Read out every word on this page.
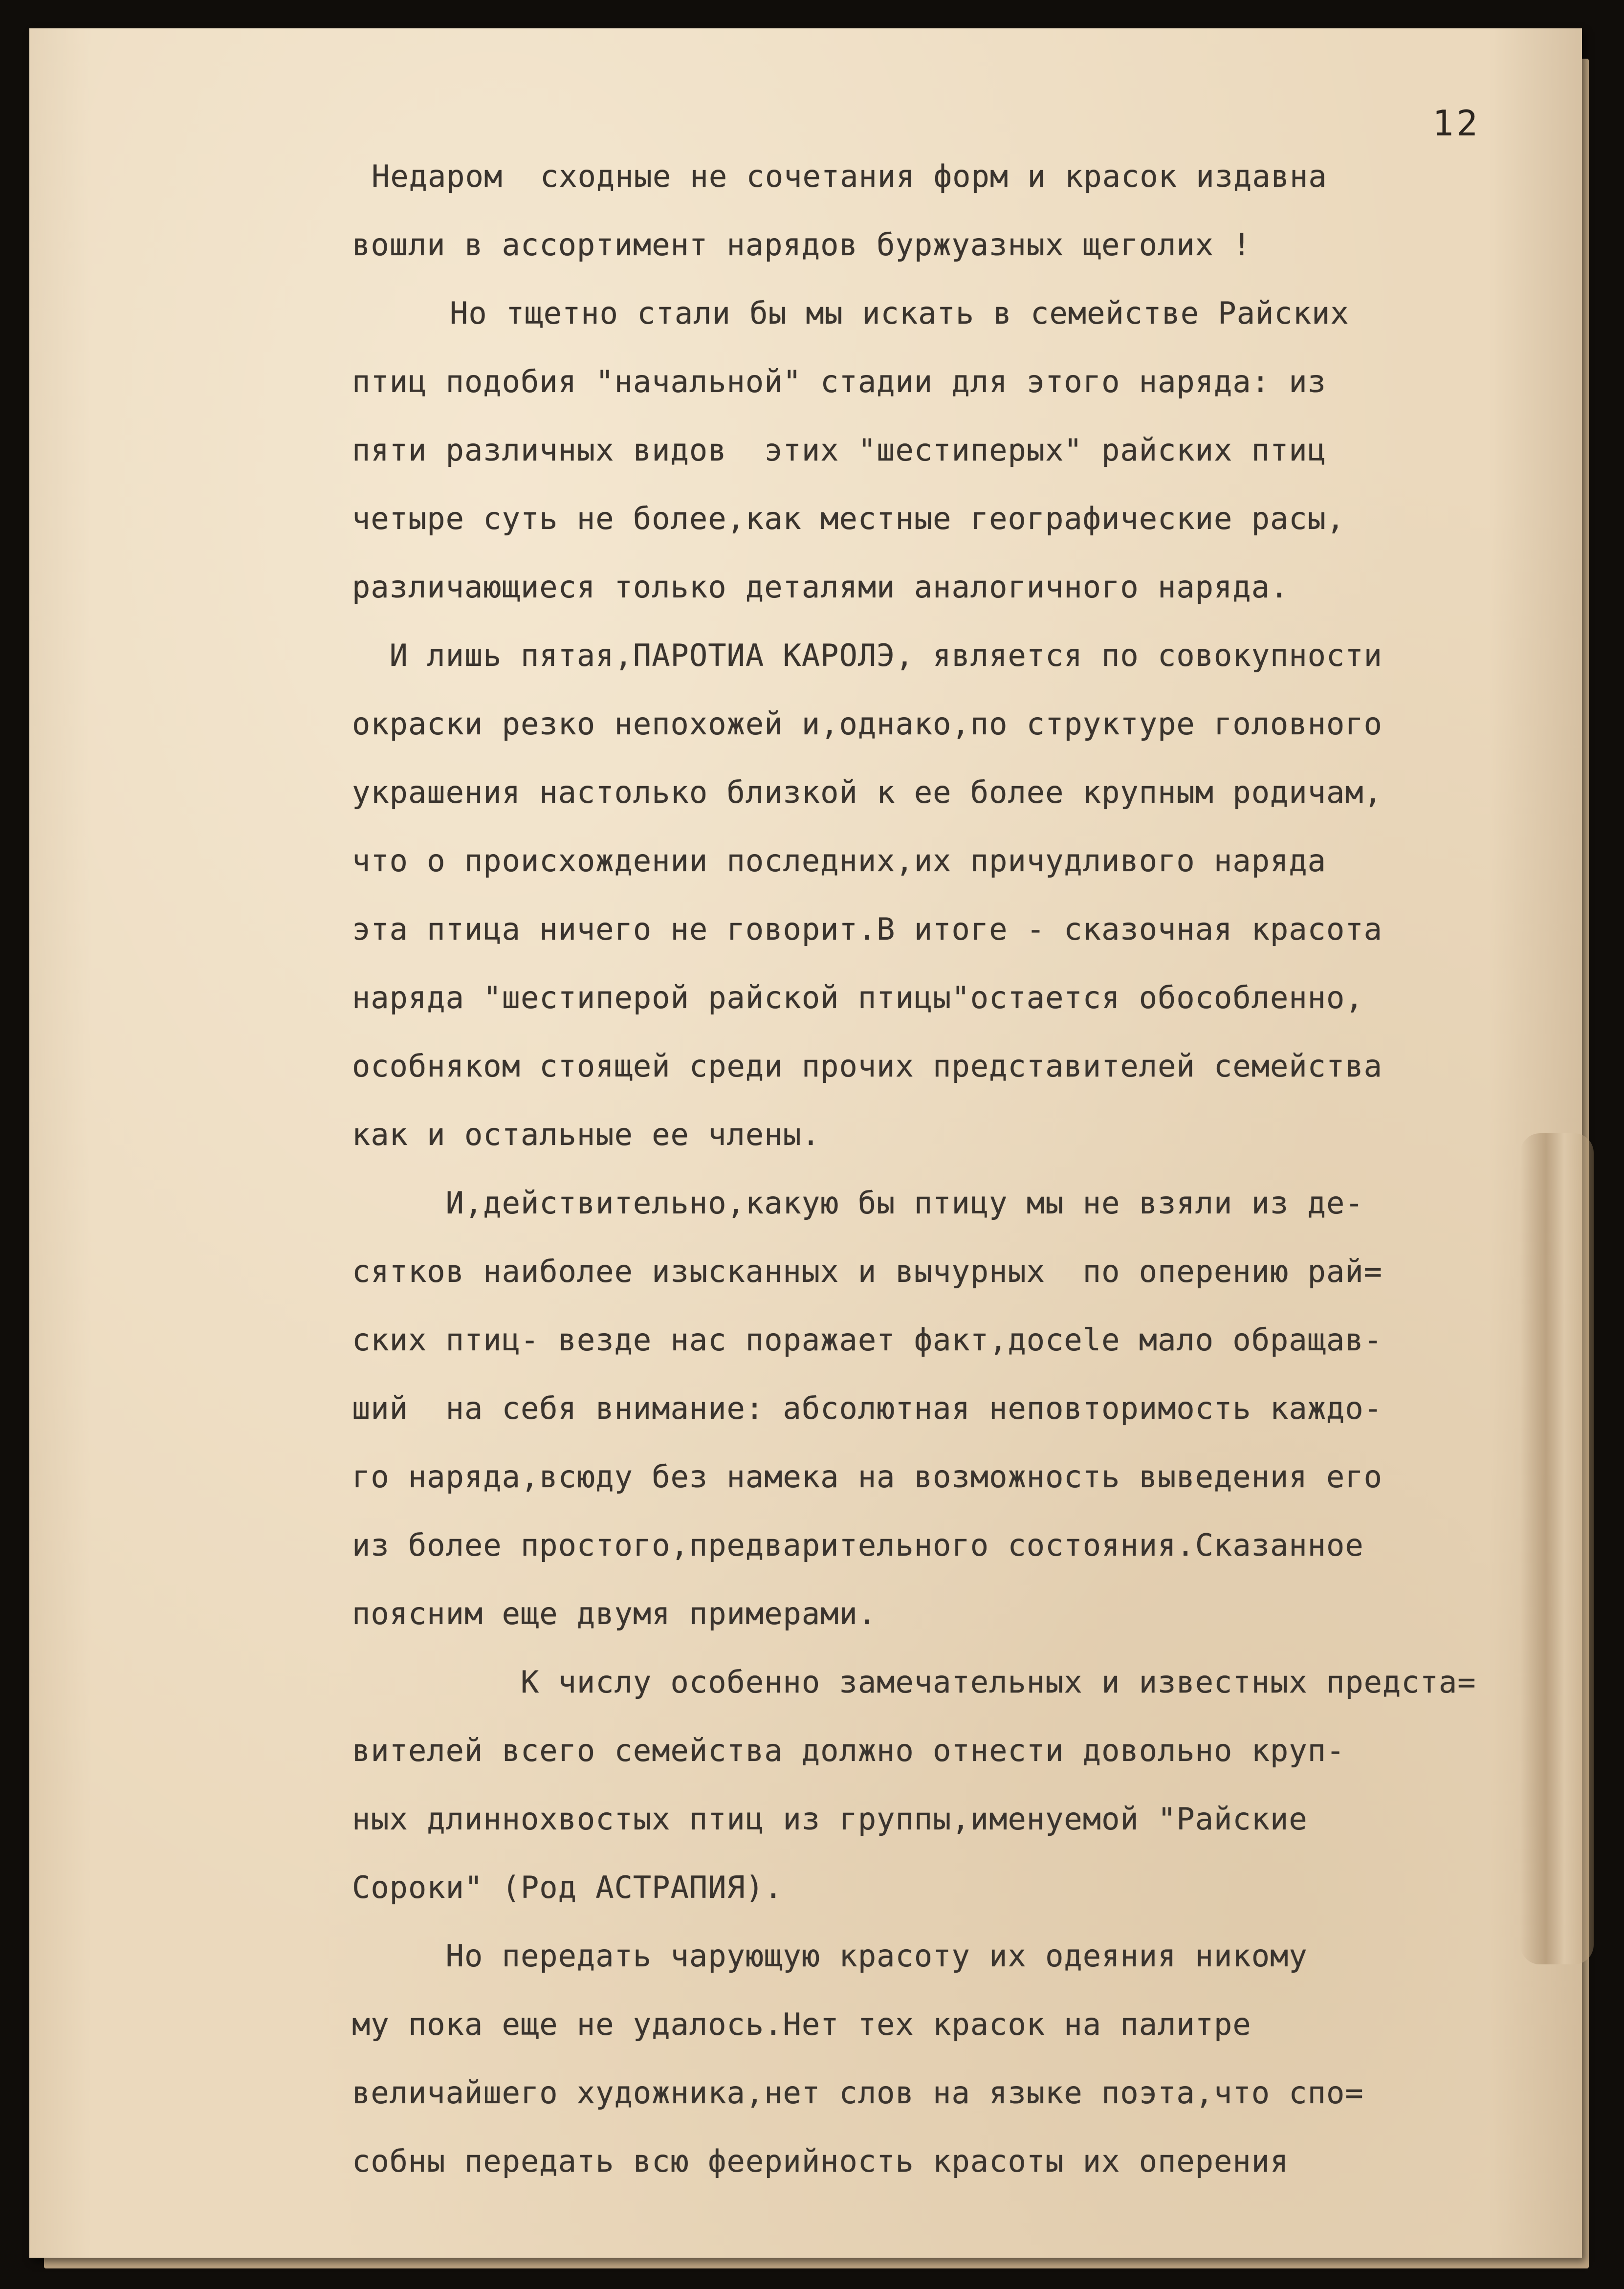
12
Недаром  сходные не сочетания форм и красок издавна
вошли в ассортимент нарядов буржуазных щеголих !
Но тщетно стали бы мы искать в семействе Райских
птиц подобия "начальной" стадии для этого наряда: из
пяти различных видов  этих "шестиперых" райских птиц
четыре суть не более,как местные географические расы,
различающиеся только деталями аналогичного наряда.
И лишь пятая,ПАРОТИА КАРОЛЭ, является по совокупности
окраски резко непохожей и,однако,по структуре головного
украшения настолько близкой к ее более крупным родичам,
что о происхождении последних,их причудливого наряда
эта птица ничего не говорит.В итоге - сказочная красота
наряда "шестиперой райской птицы"остается обособленно,
особняком стоящей среди прочих представителей семейства
как и остальные ее члены.
И,действительно,какую бы птицу мы не взяли из де-
сятков наиболее изысканных и вычурных  по оперению рай=
ских птиц- везде нас поражает факт,досele мало обращав-
ший  на себя внимание: абсолютная неповторимость каждо-
го наряда,всюду без намека на возможность выведения его
из более простого,предварительного состояния.Сказанное
поясним еще двумя примерами.
К числу особенно замечательных и известных предста=
вителей всего семейства должно отнести довольно круп-
ных длиннохвостых птиц из группы,именуемой "Райские
Сороки" (Род АСТРАПИЯ).
Но передать чарующую красоту их одеяния никому
му пока еще не удалось.Нет тех красок на палитре
величайшего художника,нет слов на языке поэта,что спо=
собны передать всю феерийность красоты их оперения
